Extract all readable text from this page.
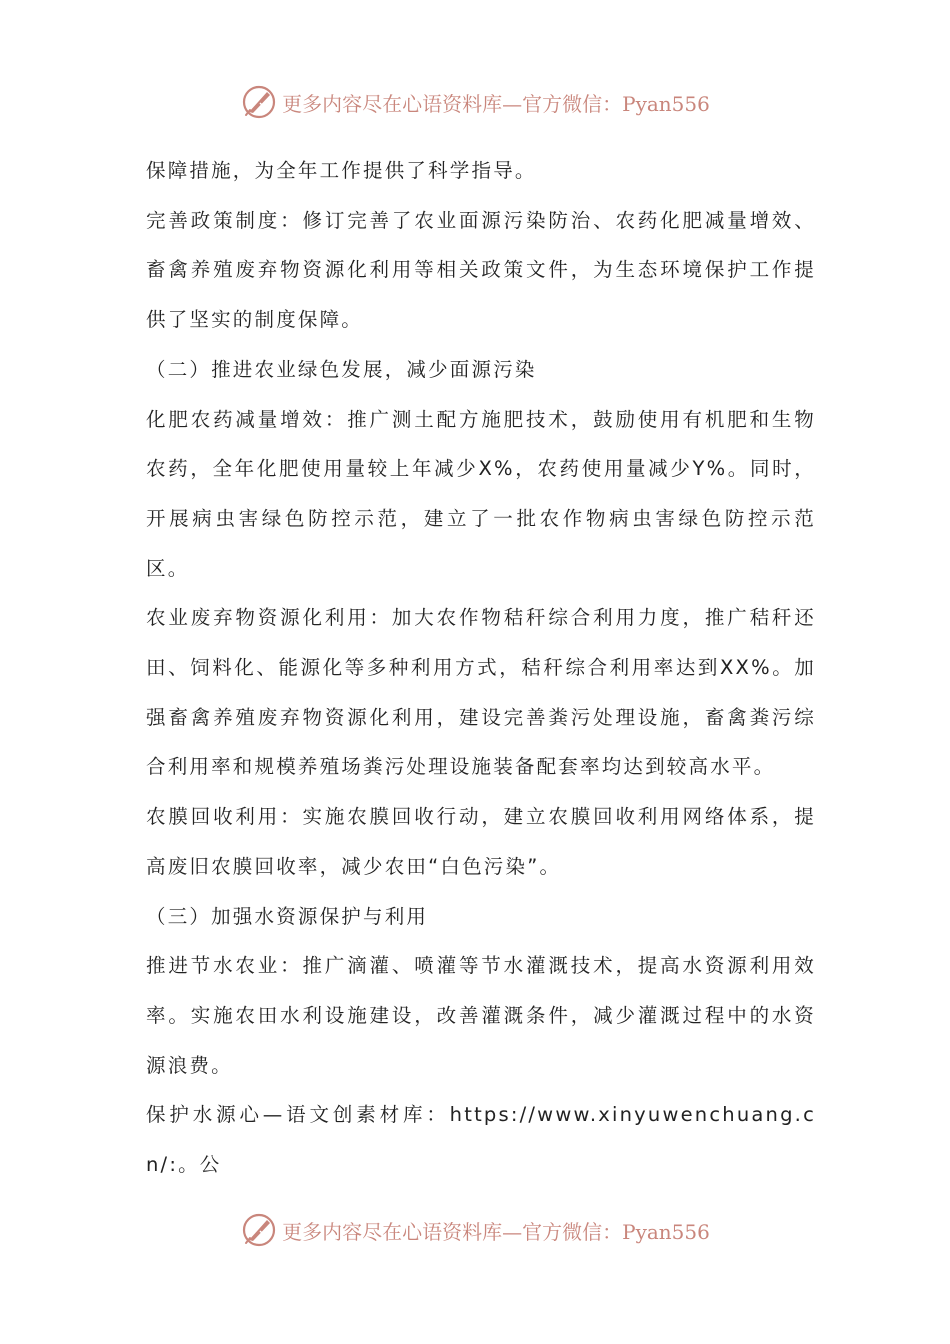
更多内容尽在心语资料库—官方微信：Pyan556

保障措施，为全年工作提供了科学指导。

完善政策制度：修订完善了农业面源污染防治、农药化肥减量增效、畜禽养殖废弃物资源化利用等相关政策文件，为生态环境保护工作提供了坚实的制度保障。

（二）推进农业绿色发展，减少面源污染

化肥农药减量增效：推广测土配方施肥技术，鼓励使用有机肥和生物农药，全年化肥使用量较上年减少X%，农药使用量减少Y%。同时，开展病虫害绿色防控示范，建立了一批农作物病虫害绿色防控示范区。

农业废弃物资源化利用：加大农作物秸秆综合利用力度，推广秸秆还田、饲料化、能源化等多种利用方式，秸秆综合利用率达到XX%。加强畜禽养殖废弃物资源化利用，建设完善粪污处理设施，畜禽粪污综合利用率和规模养殖场粪污处理设施装备配套率均达到较高水平。

农膜回收利用：实施农膜回收行动，建立农膜回收利用网络体系，提高废旧农膜回收率，减少农田“白色污染”。

（三）加强水资源保护与利用

推进节水农业：推广滴灌、喷灌等节水灌溉技术，提高水资源利用效率。实施农田水利设施建设，改善灌溉条件，减少灌溉过程中的水资源浪费。

保护水源心—语文创素材库：https://www.xinyuwenchuang.cn/:。公

更多内容尽在心语资料库—官方微信：Pyan556
